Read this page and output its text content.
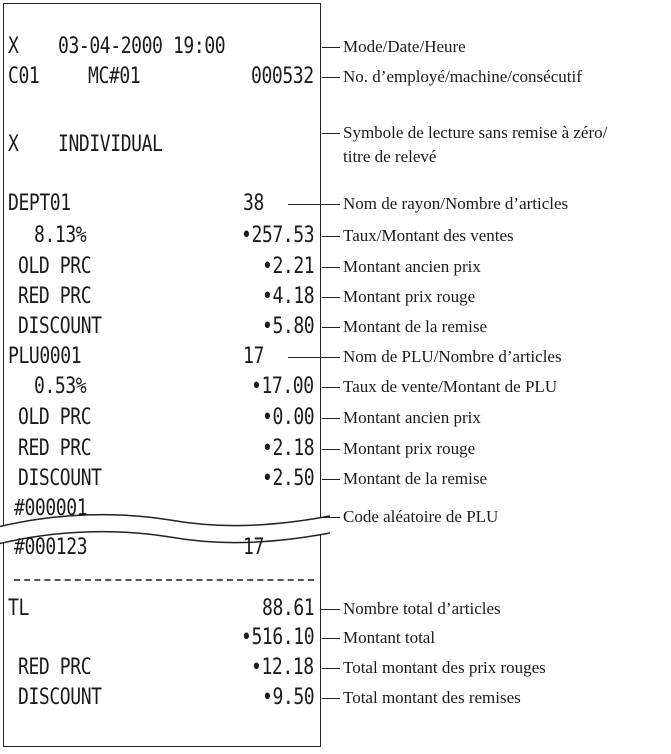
X 03-04-2000 19:00
C01 MC#01	000532
X INDIVIDUAL
DEPT01	38
8.13%	•257.53
OLD PRC	•2.21
RED PRC	•4.18
DISCOUNT	•5.80
PLU0001	17
0.53%	•17.00
OLD PRC	•0.00
RED PRC	•2.18
DISCOUNT	•2.50
#000001
#000123	17
TL	88.61
•516.10
RED PRC	•12.18
DISCOUNT	•9.50
Mode/Date/Heure
No. d’employé/machine/consécutif
Symbole de lecture sans remise à zéro/
titre de relevé
Nom de rayon/Nombre d’articles
Taux/Montant des ventes
Montant ancien prix
Montant prix rouge
Montant de la remise
Nom de PLU/Nombre d’articles
Taux de vente/Montant de PLU
Montant ancien prix
Montant prix rouge
Montant de la remise
Code aléatoire de PLU
Nombre total d’articles
Montant total
Total montant des prix rouges
Total montant des remises
